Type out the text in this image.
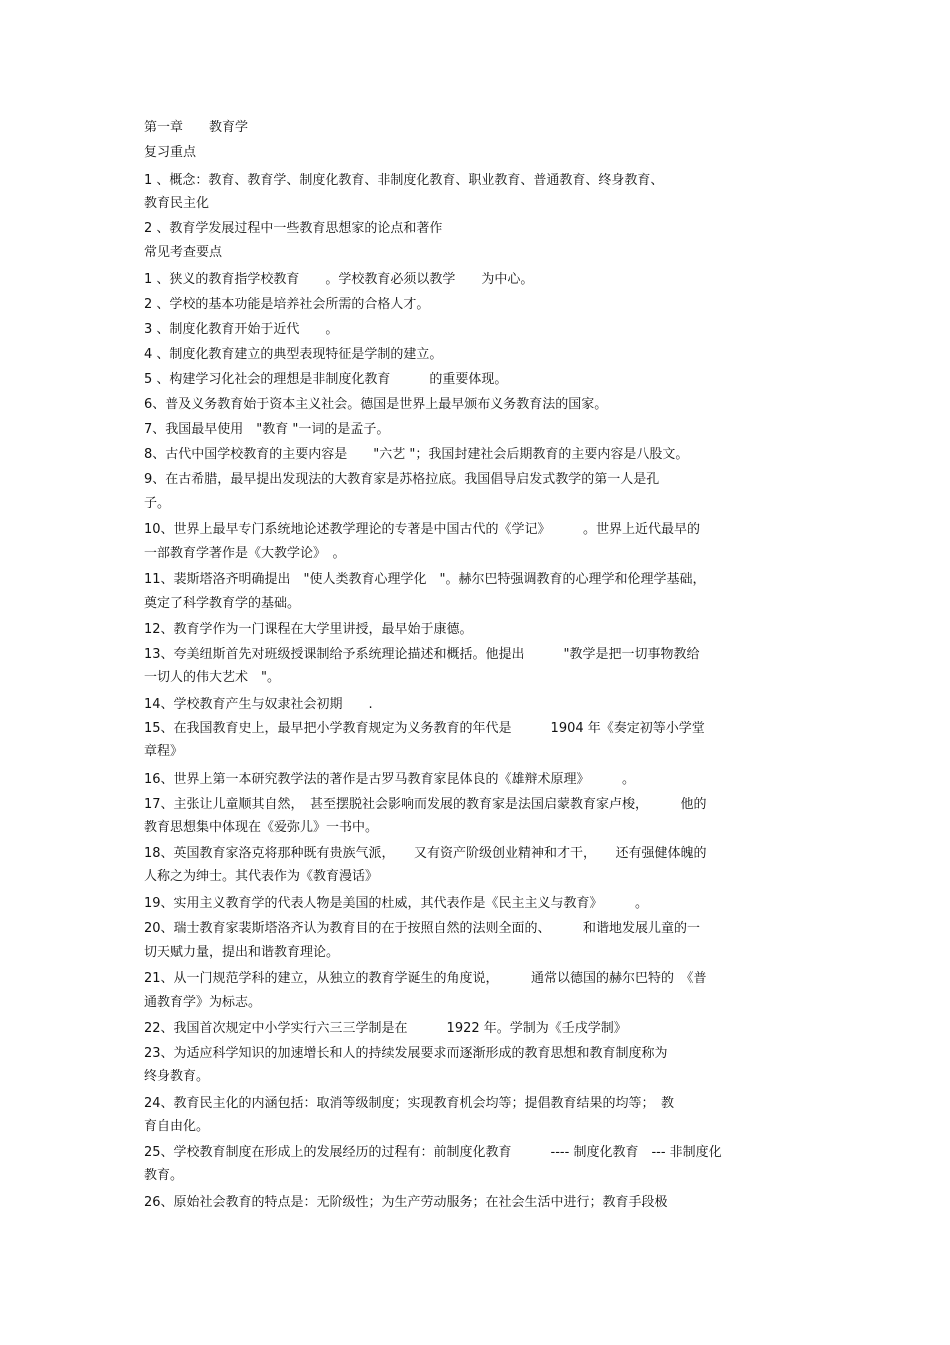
第一章　　教育学
复习重点
1 、概念：教育、教育学、制度化教育、非制度化教育、职业教育、普通教育、终身教育、
教育民主化
2 、教育学发展过程中一些教育思想家的论点和著作
常见考查要点
1 、狭义的教育指学校教育　　。学校教育必须以教学　　为中心。
2 、学校的基本功能是培养社会所需的合格人才。
3 、制度化教育开始于近代　　。
4 、制度化教育建立的典型表现特征是学制的建立。
5 、构建学习化社会的理想是非制度化教育　　　的重要体现。
6、普及义务教育始于资本主义社会。德国是世界上最早颁布义务教育法的国家。
7、我国最早使用　"教育 "一词的是孟子。
8、古代中国学校教育的主要内容是　　"六艺 "；我国封建社会后期教育的主要内容是八股文。
9、在古希腊，最早提出发现法的大教育家是苏格拉底。我国倡导启发式教学的第一人是孔
子。
10、世界上最早专门系统地论述教学理论的专著是中国古代的《学记》　　　。世界上近代最早的
一部教育学著作是《大教学论》　。
11、裴斯塔洛齐明确提出　"使人类教育心理学化　"。赫尔巴特强调教育的心理学和伦理学基础，
奠定了科学教育学的基础。
12、教育学作为一门课程在大学里讲授，最早始于康德。
13、夸美纽斯首先对班级授课制给予系统理论描述和概括。他提出　　　"教学是把一切事物教给
一切人的伟大艺术　"。
14、学校教育产生与奴隶社会初期　　.
15、在我国教育史上，最早把小学教育规定为义务教育的年代是　　　1904 年《奏定初等小学堂
章程》
16、世界上第一本研究教学法的著作是古罗马教育家昆体良的《雄辩术原理》　　　。
17、主张让儿童顺其自然，　甚至摆脱社会影响而发展的教育家是法国启蒙教育家卢梭，　　　他的
教育思想集中体现在《爱弥儿》一书中。
18、英国教育家洛克将那种既有贵族气派，　　又有资产阶级创业精神和才干，　　还有强健体魄的
人称之为绅士。其代表作为《教育漫话》
19、实用主义教育学的代表人物是美国的杜威，其代表作是《民主主义与教育》　　　。
20、瑞士教育家裴斯塔洛齐认为教育目的在于按照自然的法则全面的、　　　和谐地发展儿童的一
切天赋力量，提出和谐教育理论。
21、从一门规范学科的建立，从独立的教育学诞生的角度说，　　　通常以德国的赫尔巴特的　《普
通教育学》为标志。
22、我国首次规定中小学实行六三三学制是在　　　1922 年。学制为《壬戌学制》
23、为适应科学知识的加速增长和人的持续发展要求而逐渐形成的教育思想和教育制度称为
终身教育。
24、教育民主化的内涵包括：取消等级制度；实现教育机会均等；提倡教育结果的均等；　教
育自由化。
25、学校教育制度在形成上的发展经历的过程有：前制度化教育　　　---- 制度化教育　--- 非制度化
教育。
26、原始社会教育的特点是：无阶级性；为生产劳动服务；在社会生活中进行；教育手段极
